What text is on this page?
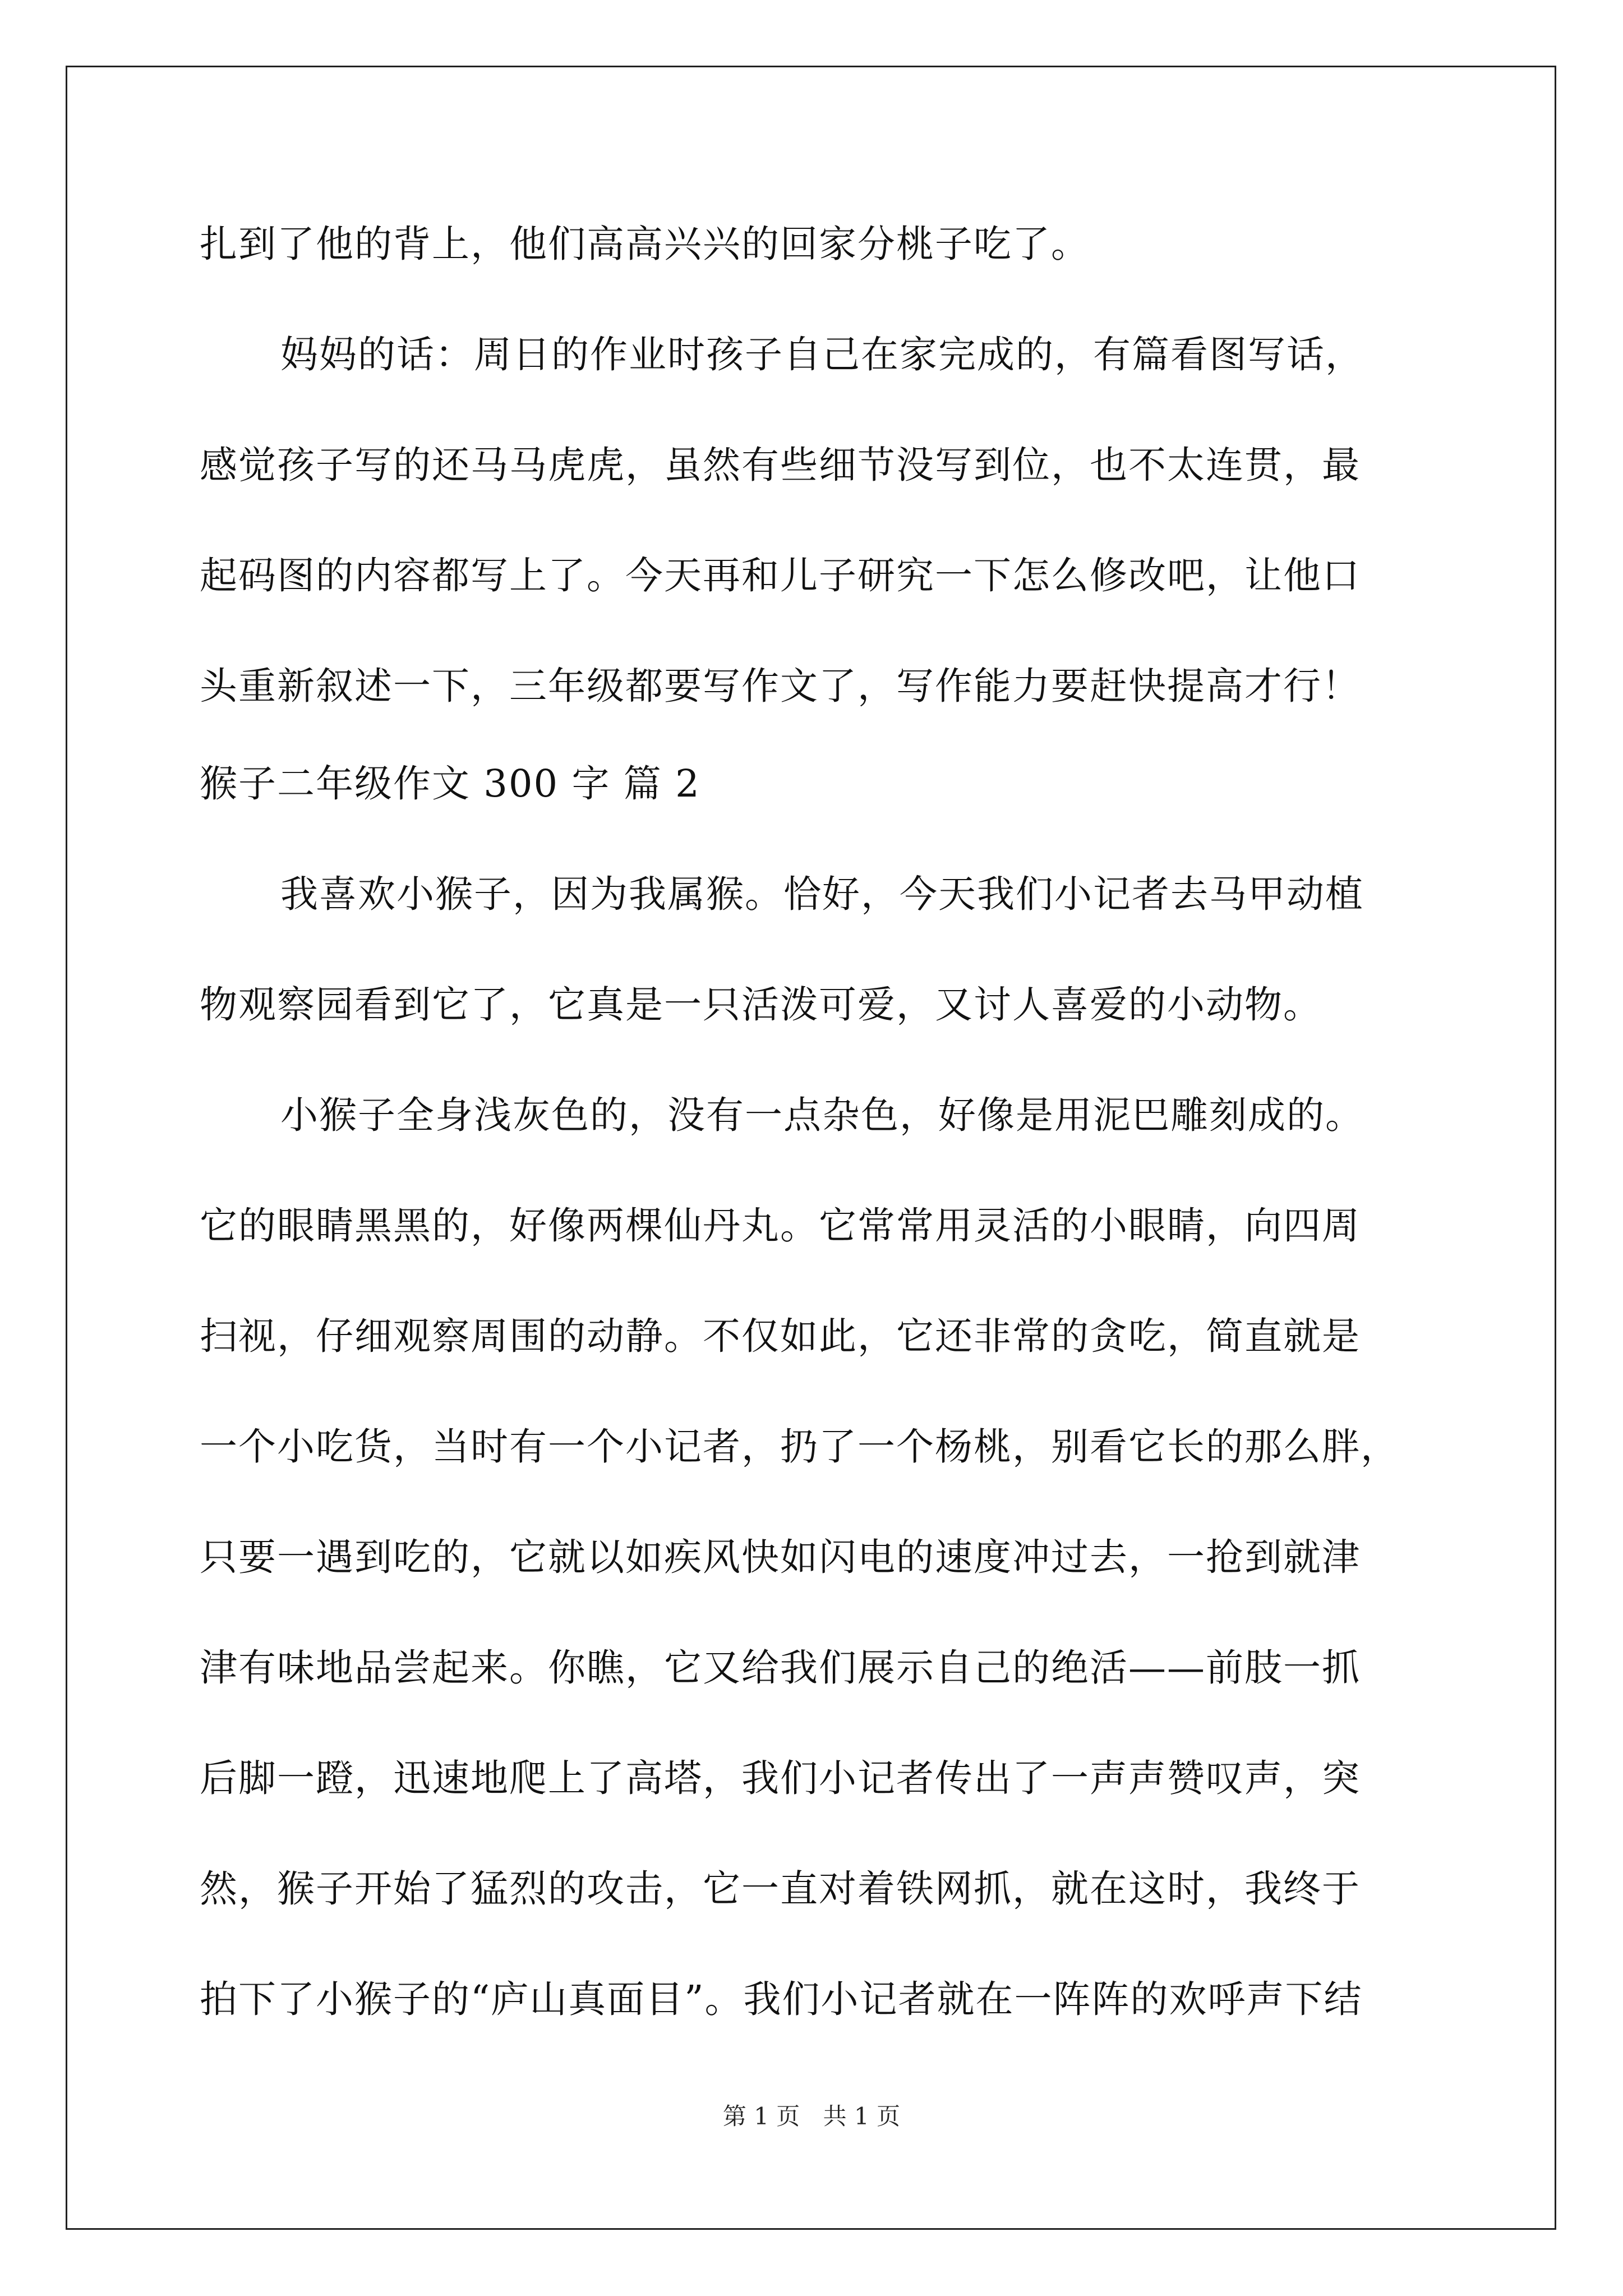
扎到了他的背上，他们高高兴兴的回家分桃子吃了。
妈妈的话：周日的作业时孩子自己在家完成的，有篇看图写话，
感觉孩子写的还马马虎虎，虽然有些细节没写到位，也不太连贯，最
起码图的内容都写上了。今天再和儿子研究一下怎么修改吧，让他口
头重新叙述一下，三年级都要写作文了，写作能力要赶快提高才行！
猴子二年级作文 300 字 篇 2
我喜欢小猴子，因为我属猴。恰好，今天我们小记者去马甲动植
物观察园看到它了，它真是一只活泼可爱，又讨人喜爱的小动物。
小猴子全身浅灰色的，没有一点杂色，好像是用泥巴雕刻成的。
它的眼睛黑黑的，好像两棵仙丹丸。它常常用灵活的小眼睛，向四周
扫视，仔细观察周围的动静。不仅如此，它还非常的贪吃，简直就是
一个小吃货，当时有一个小记者，扔了一个杨桃，别看它长的那么胖，
只要一遇到吃的，它就以如疾风快如闪电的速度冲过去，一抢到就津
津有味地品尝起来。你瞧，它又给我们展示自己的绝活——前肢一抓
后脚一蹬，迅速地爬上了高塔，我们小记者传出了一声声赞叹声，突
然，猴子开始了猛烈的攻击，它一直对着铁网抓，就在这时，我终于
拍下了小猴子的“庐山真面目”。我们小记者就在一阵阵的欢呼声下结
第 1 页 共 1 页
